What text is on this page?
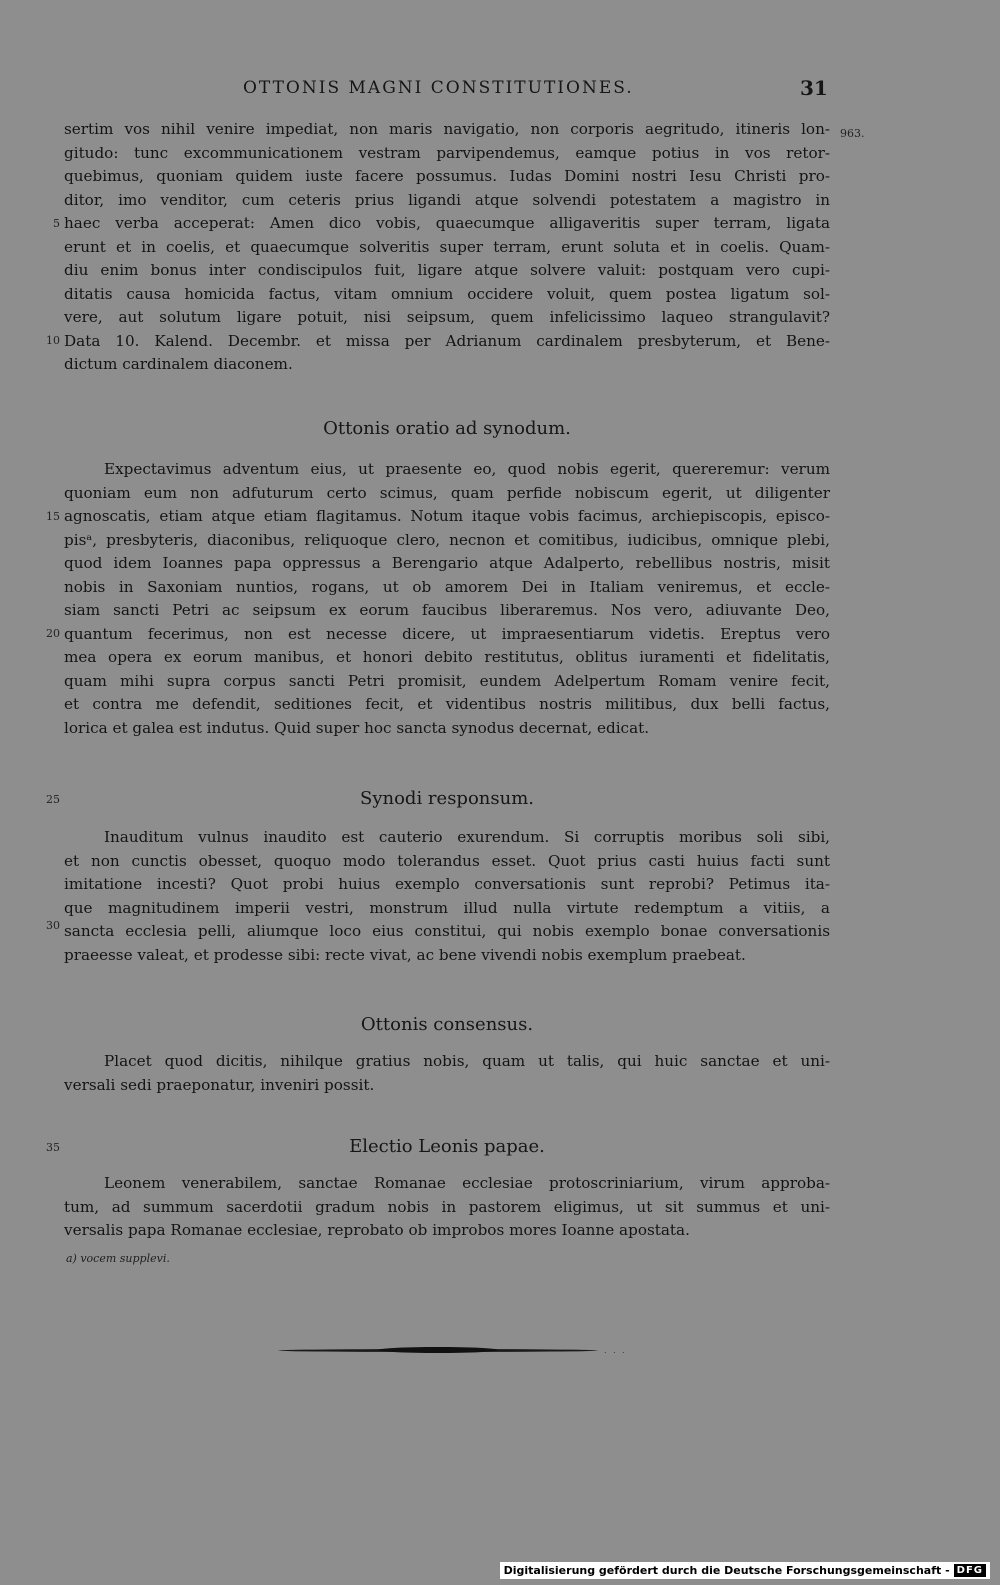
OTTONIS MAGNI CONSTITUTIONES.	31
963.
sertim vos nihil venire impediat, non maris navigatio, non corporis aegritudo, itineris lon-
gitudo: tunc excommunicationem vestram parvipendemus, eamque potius in vos retor-
quebimus, quoniam quidem iuste facere possumus. Iudas Domini nostri Iesu Christi pro-
ditor, imo venditor, cum ceteris prius ligandi atque solvendi potestatem a magistro in
haec verba acceperat: Amen dico vobis, quaecumque alligaveritis super terram, ligata
erunt et in coelis, et quaecumque solveritis super terram, erunt soluta et in coelis. Quam-
diu enim bonus inter condiscipulos fuit, ligare atque solvere valuit: postquam vero cupi-
ditatis causa homicida factus, vitam omnium occidere voluit, quem postea ligatum sol-
vere, aut solutum ligare potuit, nisi seipsum, quem infelicissimo laqueo strangulavit?
Data 10. Kalend. Decembr. et missa per Adrianum cardinalem presbyterum, et Bene-
dictum cardinalem diaconem.
Ottonis oratio ad synodum.
Expectavimus adventum eius, ut praesente eo, quod nobis egerit, quereremur: verum
quoniam eum non adfuturum certo scimus, quam perfide nobiscum egerit, ut diligenter
agnoscatis, etiam atque etiam flagitamus. Notum itaque vobis facimus, archiepiscopis, episco-
pisᵃ, presbyteris, diaconibus, reliquoque clero, necnon et comitibus, iudicibus, omnique plebi,
quod idem Ioannes papa oppressus a Berengario atque Adalperto, rebellibus nostris, misit
nobis in Saxoniam nuntios, rogans, ut ob amorem Dei in Italiam veniremus, et eccle-
siam sancti Petri ac seipsum ex eorum faucibus liberaremus. Nos vero, adiuvante Deo,
quantum fecerimus, non est necesse dicere, ut impraesentiarum videtis. Ereptus vero
mea opera ex eorum manibus, et honori debito restitutus, oblitus iuramenti et fidelitatis,
quam mihi supra corpus sancti Petri promisit, eundem Adelpertum Romam venire fecit,
et contra me defendit, seditiones fecit, et videntibus nostris militibus, dux belli factus,
lorica et galea est indutus. Quid super hoc sancta synodus decernat, edicat.
Synodi responsum.
Inauditum vulnus inaudito est cauterio exurendum. Si corruptis moribus soli sibi,
et non cunctis obesset, quoquo modo tolerandus esset. Quot prius casti huius facti sunt
imitatione incesti? Quot probi huius exemplo conversationis sunt reprobi? Petimus ita-
que magnitudinem imperii vestri, monstrum illud nulla virtute redemptum a vitiis, a
sancta ecclesia pelli, aliumque loco eius constitui, qui nobis exemplo bonae conversationis
praeesse valeat, et prodesse sibi: recte vivat, ac bene vivendi nobis exemplum praebeat.
Ottonis consensus.
Placet quod dicitis, nihilque gratius nobis, quam ut talis, qui huic sanctae et uni-
versali sedi praeponatur, inveniri possit.
Electio Leonis papae.
Leonem venerabilem, sanctae Romanae ecclesiae protoscriniarium, virum approba-
tum, ad summum sacerdotii gradum nobis in pastorem eligimus, ut sit summus et uni-
versalis papa Romanae ecclesiae, reprobato ob improbos mores Ioanne apostata.
5
10
15
20
25
30
35
a) vocem supplevi.
. . .
Digitalisierung gefördert durch die Deutsche Forschungsgemeinschaft - DFG
